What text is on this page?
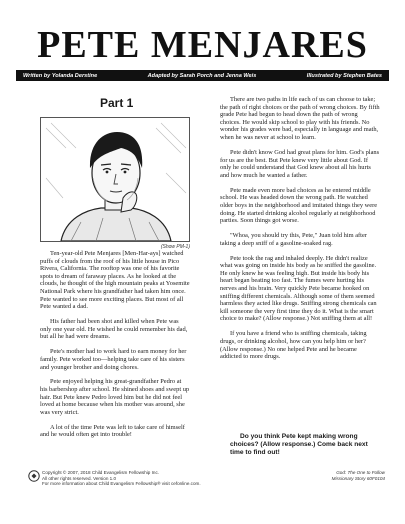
PETE MENJARES
Written by Yolanda Derstine	Adapted by Sarah Porch and Jenna Weis	Illustrated by Stephen Bates
Part 1
(Show PM-1)

Ten-year-old Pete Menjares [Men-Har-ays] watched puffs of clouds from the roof of his little house in Pico Rivera, California. The rooftop was one of his favorite spots to dream of faraway places. As he looked at the clouds, he thought of the high mountain peaks at Yosemite National Park where his grandfather had taken him once. Pete wanted to see more exciting places. But most of all Pete wanted a dad.

His father had been shot and killed when Pete was only one year old. He wished he could remember his dad, but all he had were dreams.

Pete's mother had to work hard to earn money for her family. Pete worked too—helping take care of his sisters and younger brother and doing chores.

Pete enjoyed helping his great-grandfather Pedro at his barbershop after school. He shined shoes and swept up hair. But Pete knew Pedro loved him but he did not feel loved at home because when his mother was around, she was very strict.

A lot of the time Pete was left to take care of himself and he would often get into trouble!

There are two paths in life each of us can choose to take; the path of right choices or the path of wrong choices. By fifth grade Pete had begun to head down the path of wrong choices. He would skip school to play with his friends. No wonder his grades were bad, especially in language and math, when he was never at school to learn.

Pete didn't know God had great plans for him. God's plans for us are the best. But Pete knew very little about God. If only he could understand that God knew about all his hurts and how much he wanted a father.

Pete made even more bad choices as he entered middle school. He was headed down the wrong path. He watched older boys in the neighborhood and imitated things they were doing. He started drinking alcohol regularly at neighborhood parties. Soon things got worse.

"Whoa, you should try this, Pete," Juan told him after taking a deep sniff of a gasoline-soaked rag.

Pete took the rag and inhaled deeply. He didn't realize what was going on inside his body as he sniffed the gasoline. He only knew he was feeling high. But inside his body his heart began beating too fast. The fumes were hurting his nerves and his brain. Very quickly Pete became hooked on sniffing different chemicals. Although some of them seemed harmless they acted like drugs. Sniffing strong chemicals can kill someone the very first time they do it. What is the smart choice to make? (Allow response.) Not sniffing them at all!

If you have a friend who is sniffing chemicals, taking drugs, or drinking alcohol, how can you help him or her? (Allow response.) No one helped Pete and he became addicted to more drugs.

Do you think Pete kept making wrong choices? (Allow response.) Come back next time to find out!
Copyright © 2007, 2018 Child Evangelism Fellowship Inc.
All other rights reserved. Version 1.0
For more information about Child Evangelism Fellowship® visit cefonline.com.
God: The One to Follow
Missionary Story 60F0104
